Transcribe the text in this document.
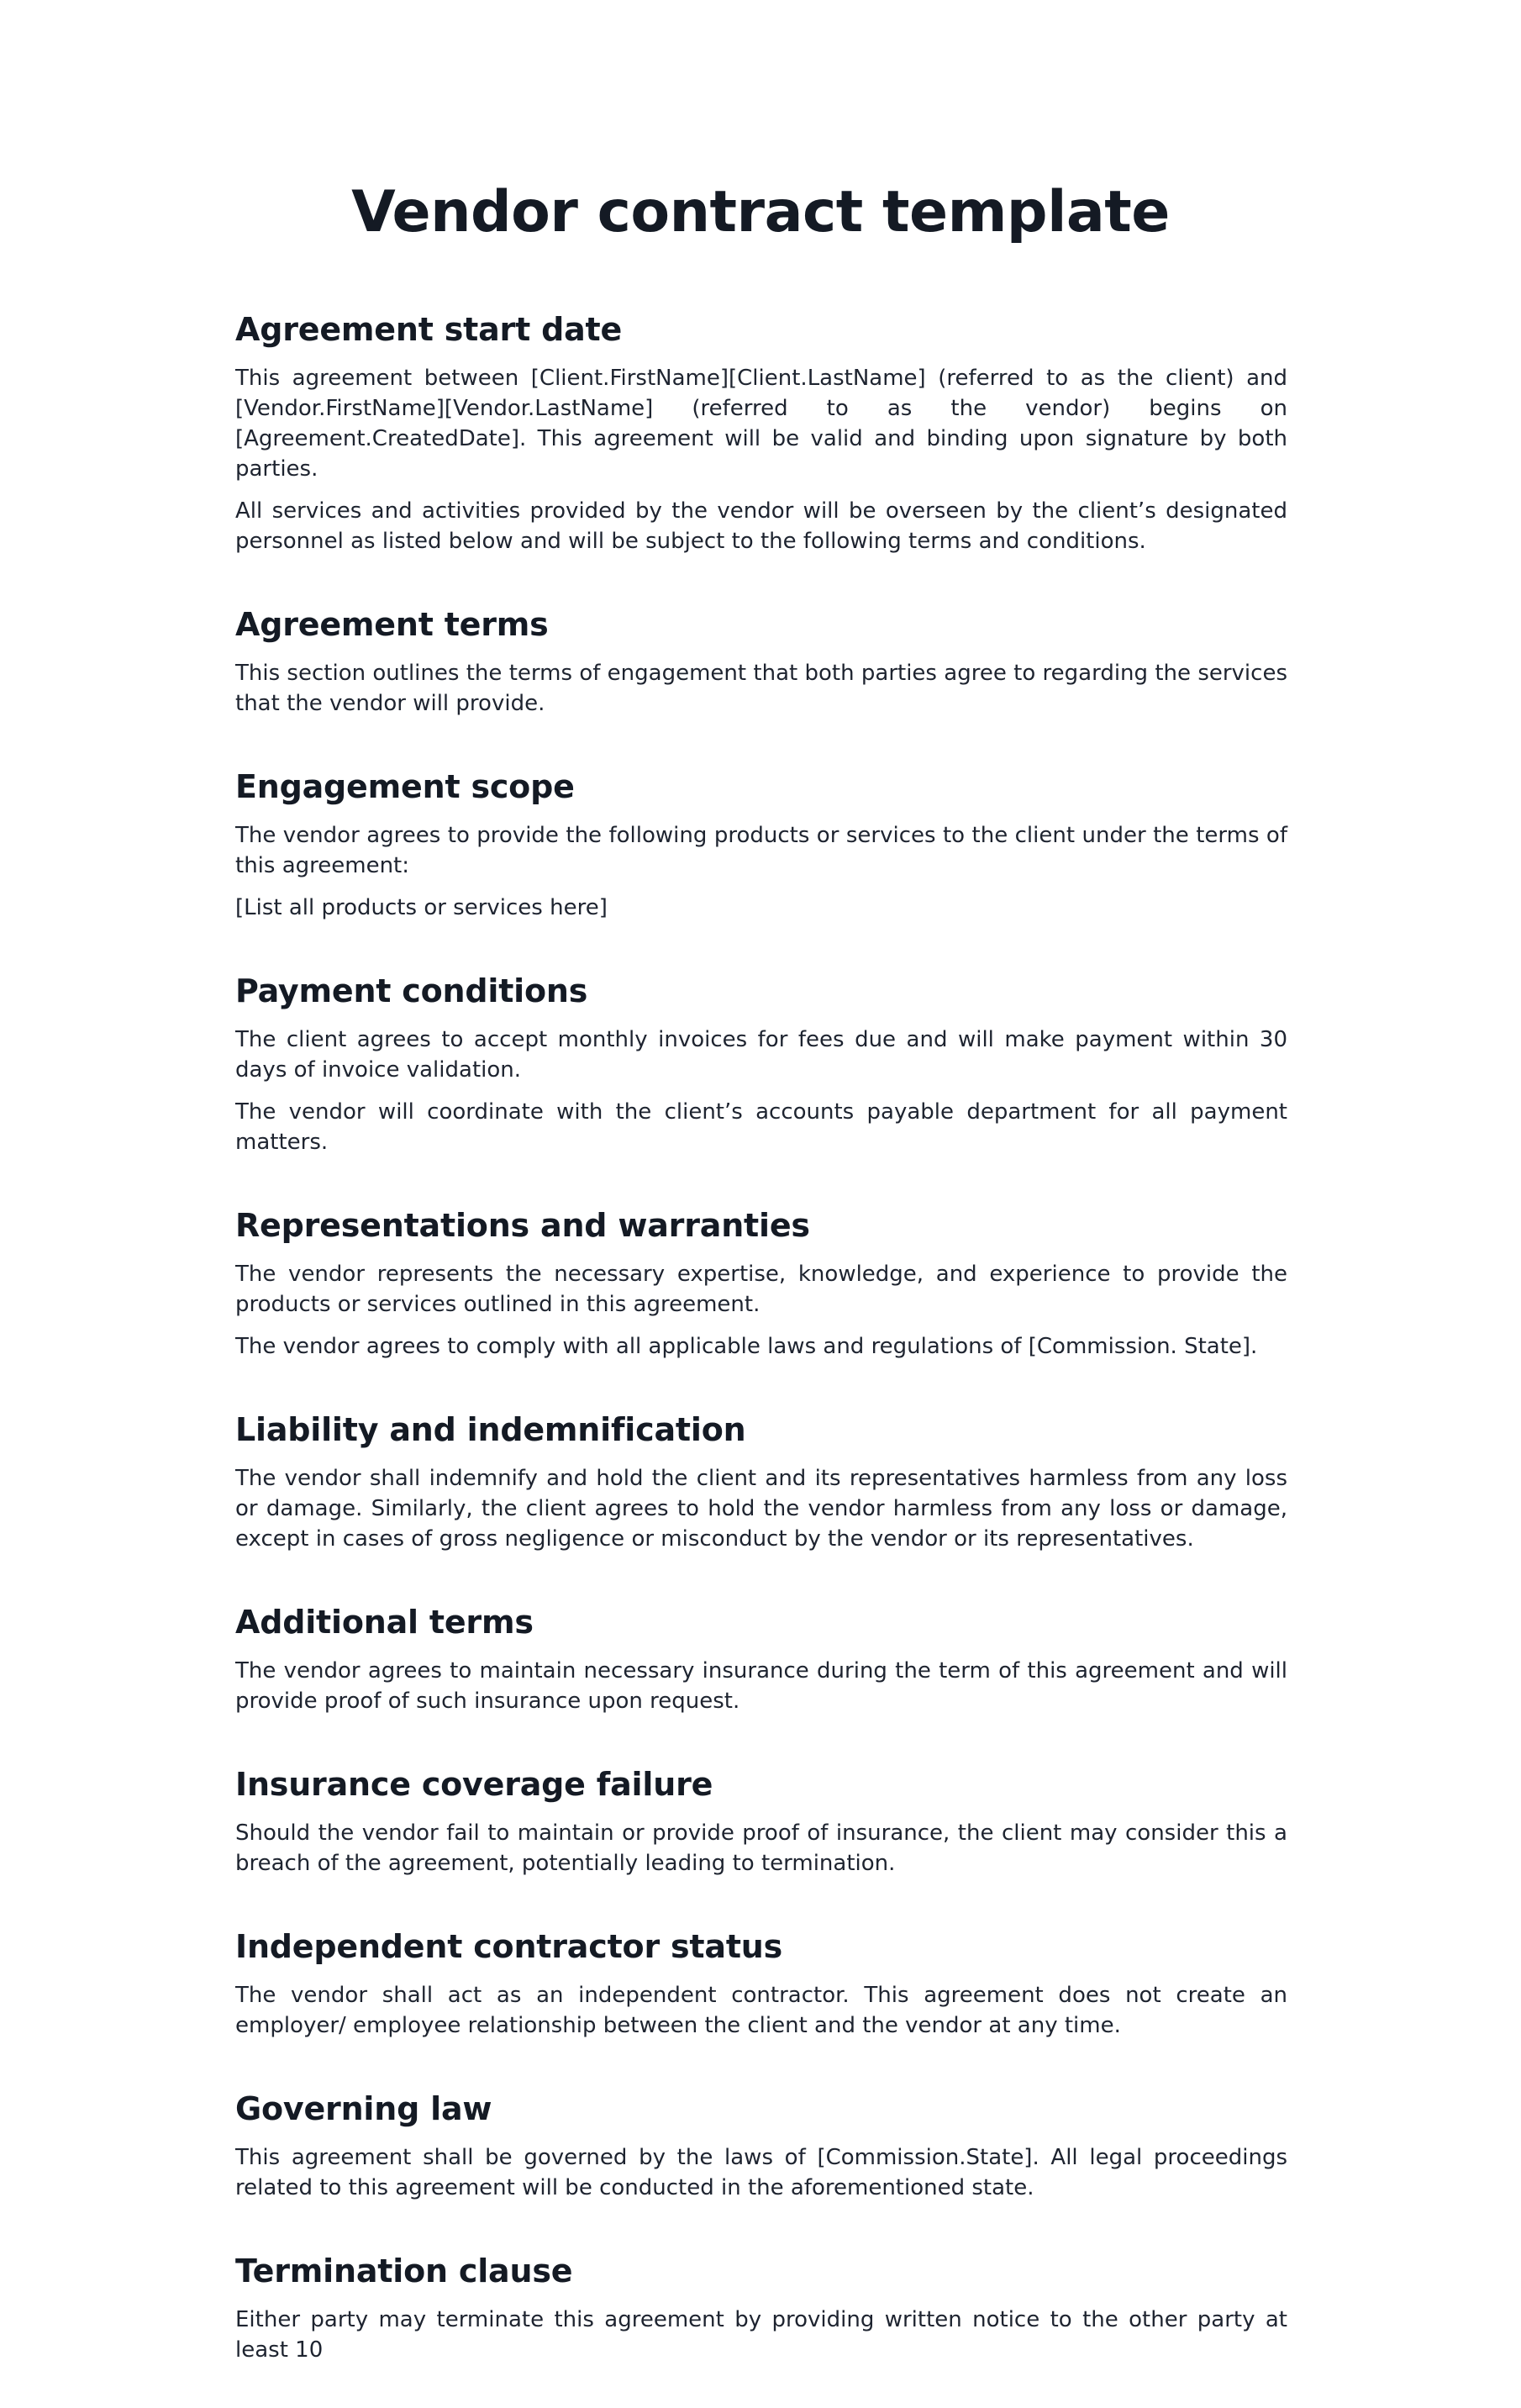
Vendor contract template
Agreement start date

This agreement between [Client.FirstName][Client.LastName] (referred to as the client) and [Vendor.FirstName][Vendor.LastName] (referred to as the vendor) begins on [Agreement.CreatedDate]. This agreement will be valid and binding upon signature by both parties.

All services and activities provided by the vendor will be overseen by the client’s designated personnel as listed below and will be subject to the following terms and conditions.

Agreement terms

This section outlines the terms of engagement that both parties agree to regarding the services that the vendor will provide.

Engagement scope

The vendor agrees to provide the following products or services to the client under the terms of this agreement:

[List all products or services here]

Payment conditions

The client agrees to accept monthly invoices for fees due and will make payment within 30 days of invoice validation.

The vendor will coordinate with the client’s accounts payable department for all payment matters.

Representations and warranties

The vendor represents the necessary expertise, knowledge, and experience to provide the products or services outlined in this agreement.

The vendor agrees to comply with all applicable laws and regulations of [Commission. State].

Liability and indemnification

The vendor shall indemnify and hold the client and its representatives harmless from any loss or damage. Similarly, the client agrees to hold the vendor harmless from any loss or damage, except in cases of gross negligence or misconduct by the vendor or its representatives.

Additional terms

The vendor agrees to maintain necessary insurance during the term of this agreement and will provide proof of such insurance upon request.

Insurance coverage failure

Should the vendor fail to maintain or provide proof of insurance, the client may consider this a breach of the agreement, potentially leading to termination.

Independent contractor status

The vendor shall act as an independent contractor. This agreement does not create an employer/ employee relationship between the client and the vendor at any time.

Governing law

This agreement shall be governed by the laws of [Commission.State]. All legal proceedings related to this agreement will be conducted in the aforementioned state.

Termination clause

Either party may terminate this agreement by providing written notice to the other party at least 10
